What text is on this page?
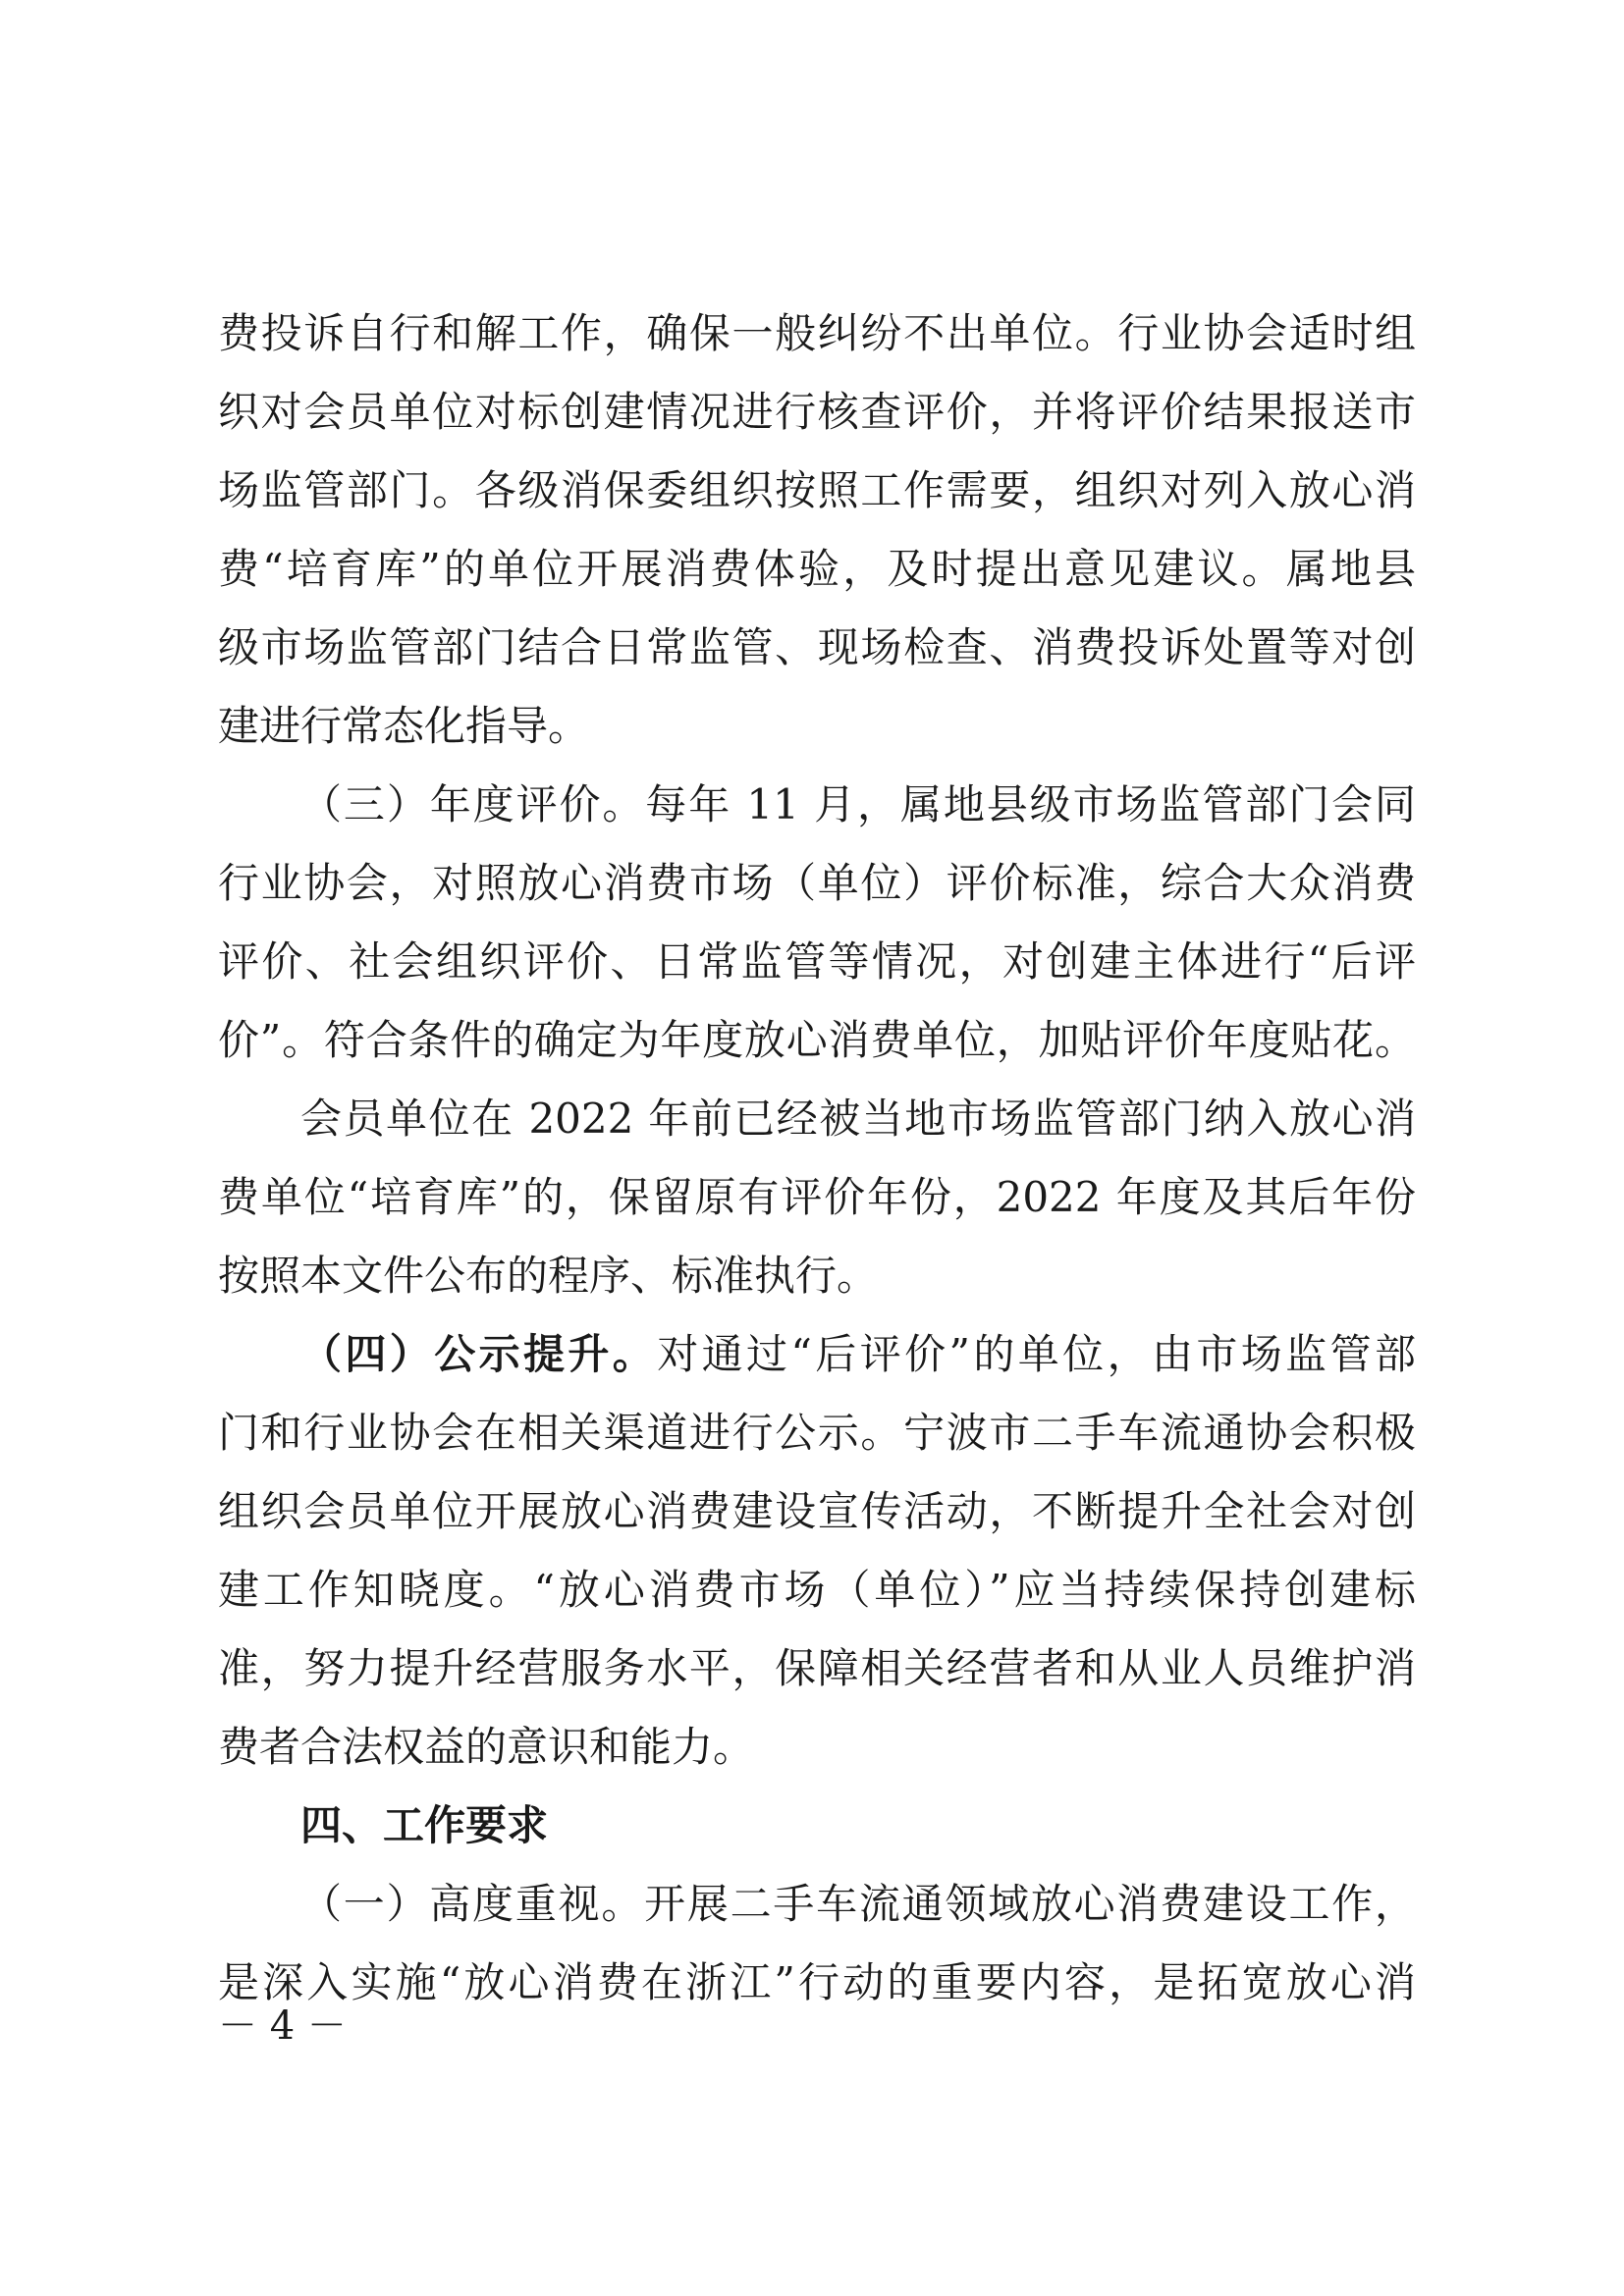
费投诉自行和解工作，确保一般纠纷不出单位。行业协会适时组
织对会员单位对标创建情况进行核查评价，并将评价结果报送市
场监管部门。各级消保委组织按照工作需要，组织对列入放心消
费“培育库”的单位开展消费体验，及时提出意见建议。属地县
级市场监管部门结合日常监管、现场检查、消费投诉处置等对创
建进行常态化指导。
（三）年度评价。每年 11 月，属地县级市场监管部门会同
行业协会，对照放心消费市场（单位）评价标准，综合大众消费
评价、社会组织评价、日常监管等情况，对创建主体进行“后评
价”。符合条件的确定为年度放心消费单位，加贴评价年度贴花。
会员单位在 2022 年前已经被当地市场监管部门纳入放心消
费单位“培育库”的，保留原有评价年份，2022 年度及其后年份
按照本文件公布的程序、标准执行。
（四）公示提升。对通过“后评价”的单位，由市场监管部
门和行业协会在相关渠道进行公示。宁波市二手车流通协会积极
组织会员单位开展放心消费建设宣传活动，不断提升全社会对创
建工作知晓度。“放心消费市场（单位）”应当持续保持创建标
准，努力提升经营服务水平，保障相关经营者和从业人员维护消
费者合法权益的意识和能力。
四、工作要求
（一）高度重视。开展二手车流通领域放心消费建设工作，
是深入实施“放心消费在浙江”行动的重要内容，是拓宽放心消
－ 4 －
